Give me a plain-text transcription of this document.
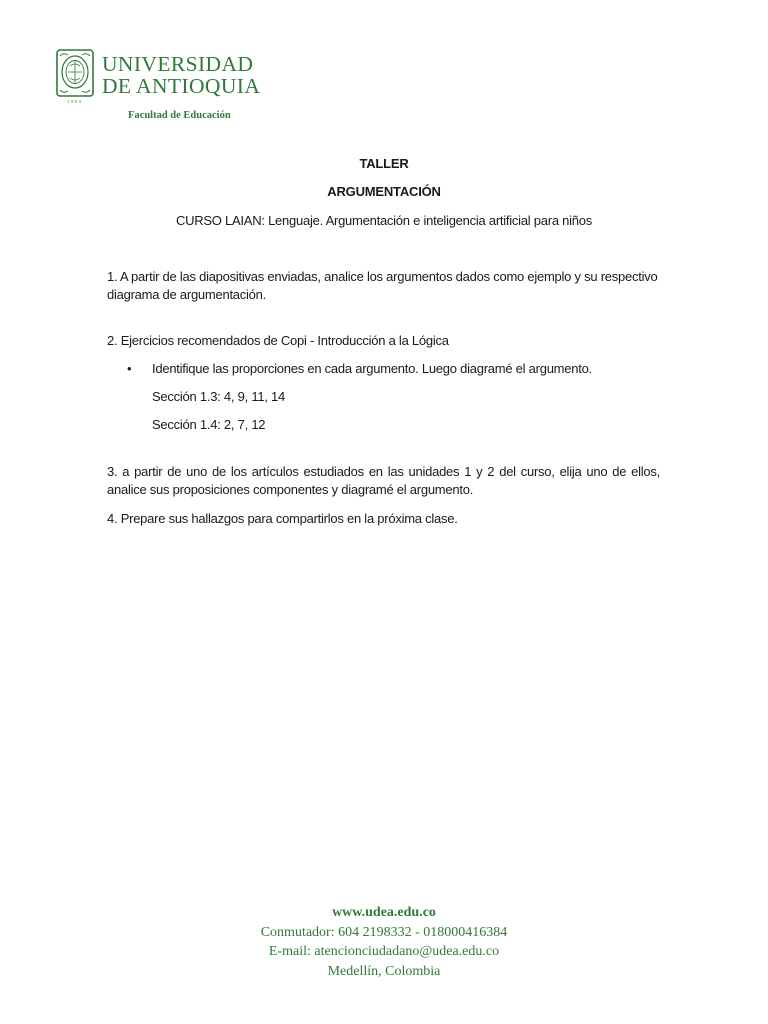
1803
UNIVERSIDAD
DE ANTIOQUIA
Facultad de Educación
TALLER
ARGUMENTACIÓN
CURSO LAIAN: Lenguaje. Argumentación e inteligencia artificial para niños
1. A partir de las diapositivas enviadas, analice los argumentos dados como ejemplo y su respectivo diagrama de argumentación.
2. Ejercicios recomendados de Copi - Introducción a la Lógica
• Identifique las proporciones en cada argumento. Luego diagramé el argumento.
Sección 1.3: 4, 9, 11, 14
Sección 1.4: 2, 7, 12
3. a partir de uno de los artículos estudiados en las unidades 1 y 2 del curso, elija uno de ellos, analice sus proposiciones componentes y diagramé el argumento.
4. Prepare sus hallazgos para compartirlos en la próxima clase.
www.udea.edu.co
Conmutador: 604 2198332 - 018000416384
E-mail: atencionciudadano@udea.edu.co
Medellín, Colombia
